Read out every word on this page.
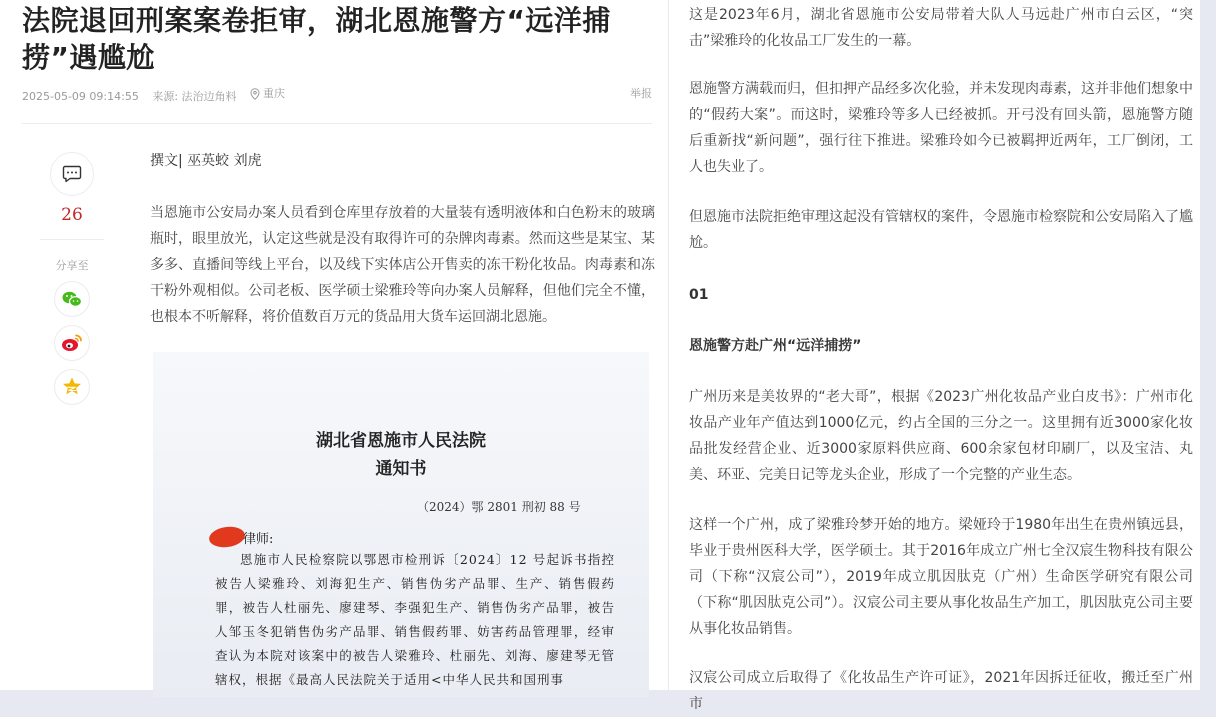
法院退回刑案案卷拒审，湖北恩施警方“远洋捕捞”遇尴尬
2025-05-09 09:14:55 来源: 法治边角料 重庆	举报
26
分享至
撰文| 巫英蛟 刘虎

当恩施市公安局办案人员看到仓库里存放着的大量装有透明液体和白色粉末的玻璃瓶时，眼里放光，认定这些就是没有取得许可的杂牌肉毒素。然而这些是某宝、某多多、直播间等线上平台，以及线下实体店公开售卖的冻干粉化妆品。肉毒素和冻干粉外观相似。公司老板、医学硕士梁雅玲等向办案人员解释，但他们完全不懂，也根本不听解释，将价值数百万元的货品用大货车运回湖北恩施。

湖北省恩施市人民法院
通知书
（2024）鄂 2801 刑初 88 号
律师:

恩施市人民检察院以鄂恩市检刑诉〔2024〕12 号起诉书指控被告人梁雅玲、刘海犯生产、销售伪劣产品罪、生产、销售假药罪，被告人杜丽先、廖建琴、李强犯生产、销售伪劣产品罪，被告人邹玉冬犯销售伪劣产品罪、销售假药罪、妨害药品管理罪，经审查认为本院对该案中的被告人梁雅玲、杜丽先、刘海、廖建琴无管辖权，根据《最高人民法院关于适用<中华人民共和国刑事

这是2023年6月，湖北省恩施市公安局带着大队人马远赴广州市白云区，“突击”梁雅玲的化妆品工厂发生的一幕。

恩施警方满载而归，但扣押产品经多次化验，并未发现肉毒素，这并非他们想象中的“假药大案”。而这时，梁雅玲等多人已经被抓。开弓没有回头箭，恩施警方随后重新找“新问题”，强行往下推进。梁雅玲如今已被羁押近两年，工厂倒闭，工人也失业了。

但恩施市法院拒绝审理这起没有管辖权的案件，令恩施市检察院和公安局陷入了尴尬。

01

恩施警方赴广州“远洋捕捞”

广州历来是美妆界的“老大哥”，根据《2023广州化妆品产业白皮书》：广州市化妆品产业年产值达到1000亿元，约占全国的三分之一。这里拥有近3000家化妆品批发经营企业、近3000家原料供应商、600余家包材印刷厂，以及宝洁、丸美、环亚、完美日记等龙头企业，形成了一个完整的产业生态。

这样一个广州，成了梁雅玲梦开始的地方。梁娅玲于1980年出生在贵州镇远县，毕业于贵州医科大学，医学硕士。其于2016年成立广州七全汉宸生物科技有限公司（下称“汉宸公司”），2019年成立肌因肽克（广州）生命医学研究有限公司（下称“肌因肽克公司”）。汉宸公司主要从事化妆品生产加工，肌因肽克公司主要从事化妆品销售。

汉宸公司成立后取得了《化妆品生产许可证》，2021年因拆迁征收，搬迁至广州市
